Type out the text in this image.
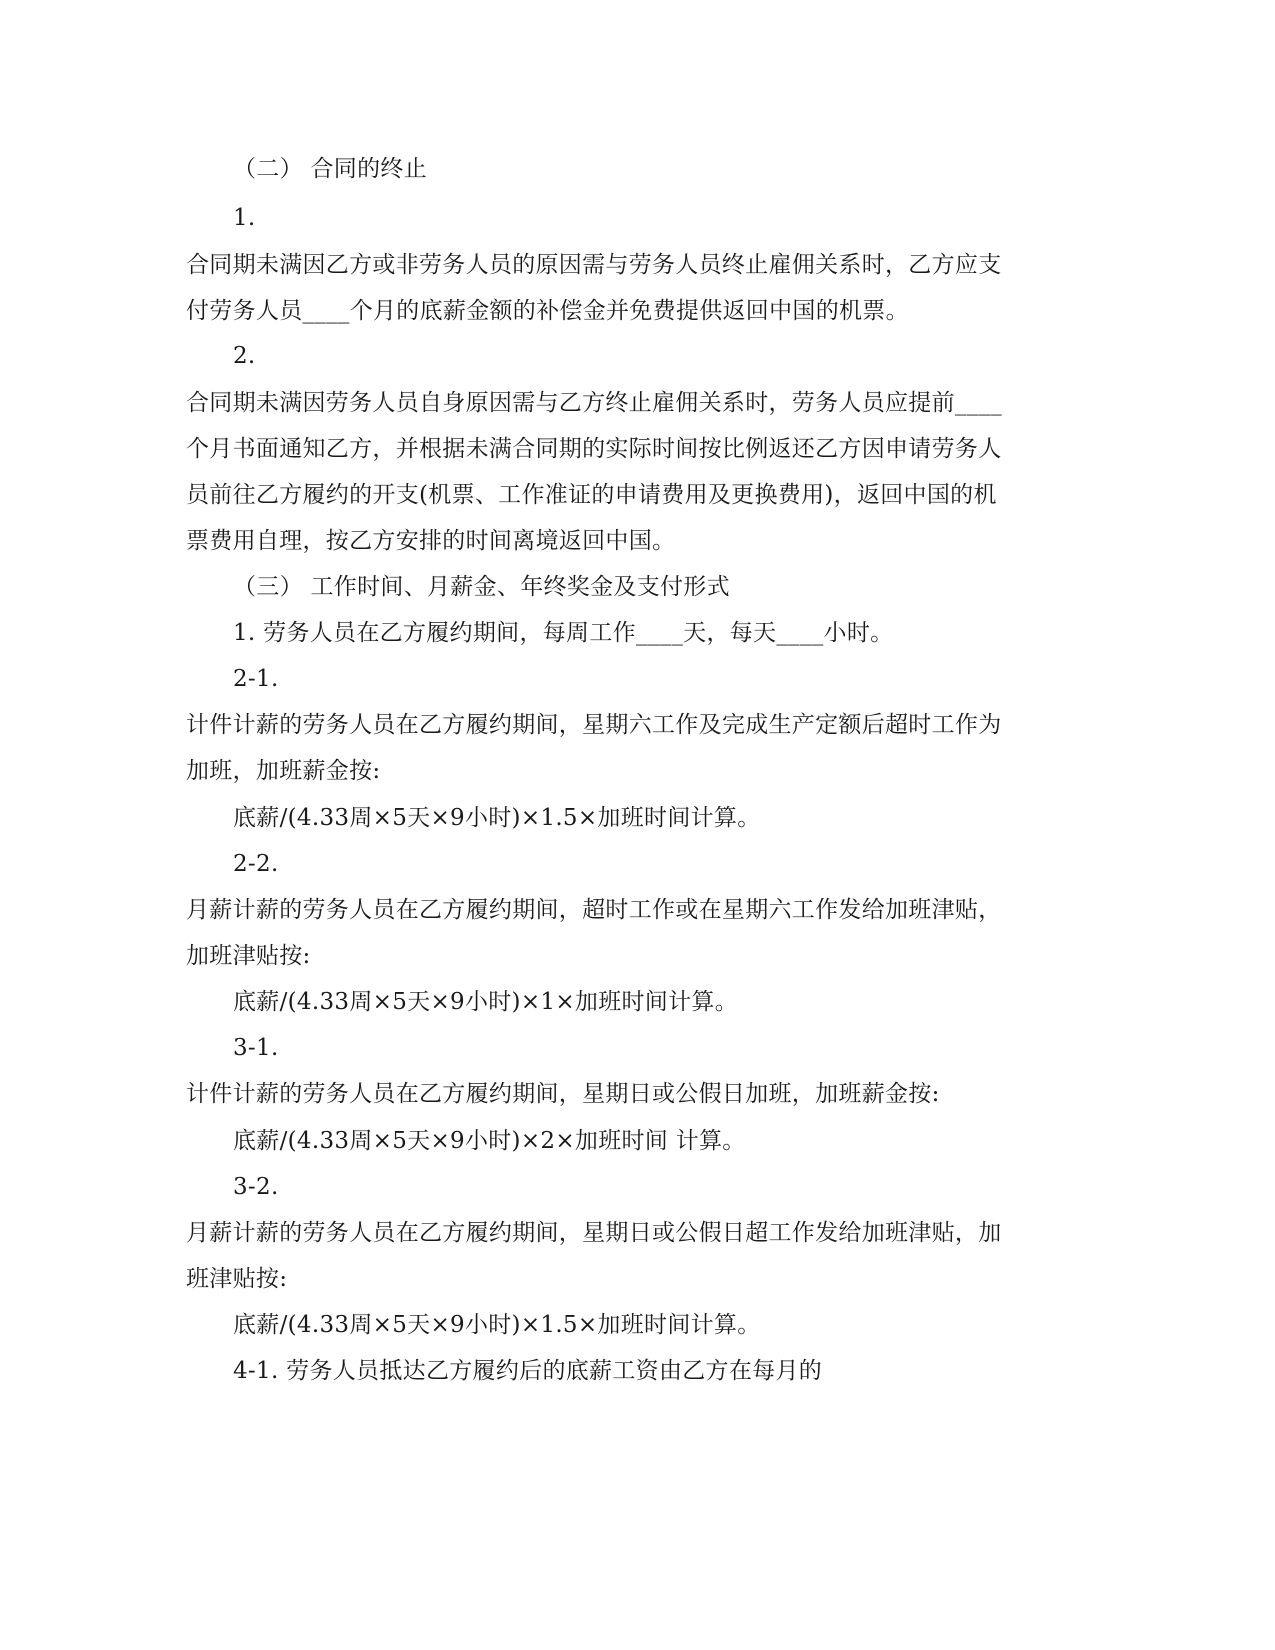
（二） 合同的终止
1.
合同期未满因乙方或非劳务人员的原因需与劳务人员终止雇佣关系时，乙方应支
付劳务人员____个月的底薪金额的补偿金并免费提供返回中国的机票。
2.
合同期未满因劳务人员自身原因需与乙方终止雇佣关系时，劳务人员应提前____
个月书面通知乙方，并根据未满合同期的实际时间按比例返还乙方因申请劳务人
员前往乙方履约的开支(机票、工作准证的申请费用及更换费用)，返回中国的机
票费用自理，按乙方安排的时间离境返回中国。
（三） 工作时间、月薪金、年终奖金及支付形式
1. 劳务人员在乙方履约期间，每周工作____天，每天____小时。
2-1.
计件计薪的劳务人员在乙方履约期间，星期六工作及完成生产定额后超时工作为
加班，加班薪金按:
底薪/(4.33周×5天×9小时)×1.5×加班时间计算。
2-2.
月薪计薪的劳务人员在乙方履约期间，超时工作或在星期六工作发给加班津贴，
加班津贴按:
底薪/(4.33周×5天×9小时)×1×加班时间计算。
3-1.
计件计薪的劳务人员在乙方履约期间，星期日或公假日加班，加班薪金按:
底薪/(4.33周×5天×9小时)×2×加班时间 计算。
3-2.
月薪计薪的劳务人员在乙方履约期间，星期日或公假日超工作发给加班津贴，加
班津贴按:
底薪/(4.33周×5天×9小时)×1.5×加班时间计算。
4-1. 劳务人员抵达乙方履约后的底薪工资由乙方在每月的
